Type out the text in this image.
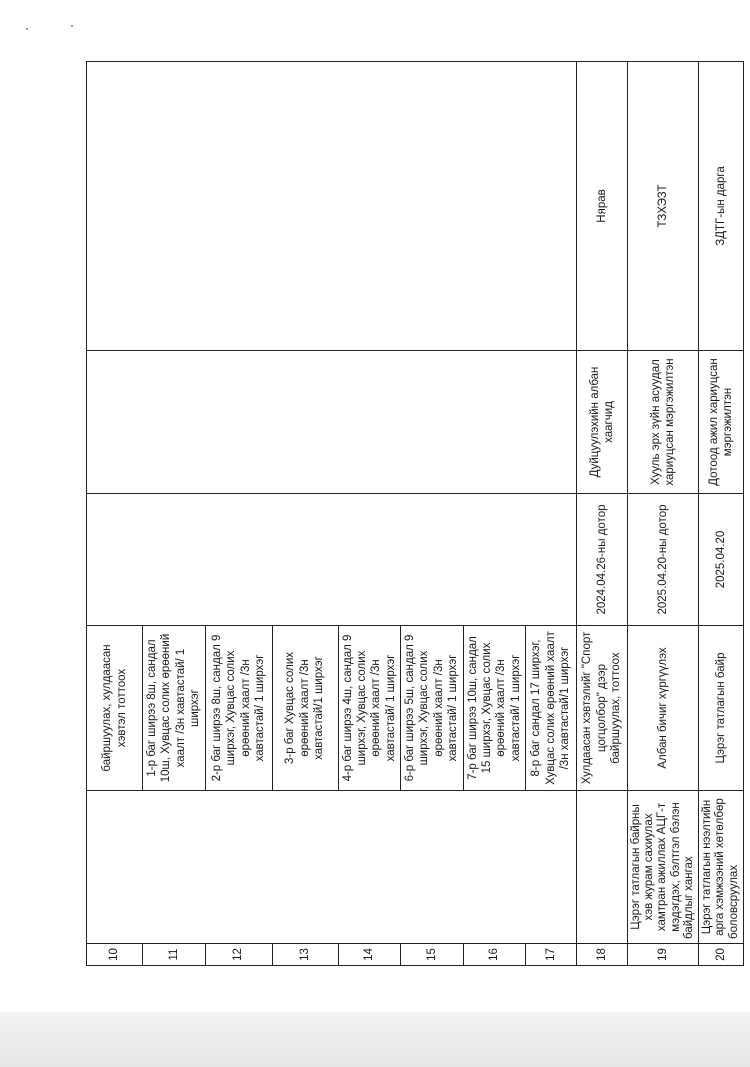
10		байршуулах, хулдаасан хэвтэл тоттоох			
11		1-р баг ширээ 8ш, сандал 10ш, Хувцас солих өрөөний хаалт /3н хавтастай/ 1 ширхэг			
12		2-р баг ширээ 8ш, сандал 9 ширхэг, Хувцас солих өрөөний хаалт /3н хавтастай/ 1 ширхэг			
13		3-р баг Хувцас солих өрөөний хаалт /3н хавтастай/1 ширхэг			
14		4-р баг ширээ 4ш, сандал 9 ширхэг, Хувцас солих өрөөний хаалт /3н хавтастай/ 1 ширхэг			
15		6-р баг ширээ 5ш, сандал 9 ширхэг, Хувцас солих өрөөний хаалт /3н хавтастай/ 1 ширхэг			
16		7-р баг ширээ 10ш, сандал 15 ширхэг, Хувцас солих өрөөний хаалт /3н хавтастай/ 1 ширхэг			
17		8-р баг сандал 17 ширхэг, Хувцас солих өрөөний хаалт /3н хавтастай/1 ширхэг			
18		Хулдаасан хэвтэлийг "Спорт цогцолбор" дээр байршуулах, тоттоох	2024.04.26-ны дотор	Дуйцуулэхийн албан хаагчид	Нярав
19	Цэрэг татлагын байрны хэв журам сахиулах хамтран ажиллах АЦГ-т мэдэгдэх, бэлтгэл бэлэн байдлыг хангах	Албан бичиг хүргүүлэх	2025.04.20-ны дотор	Хууль эрх зүйн асуудал хариуцсан мэргэжилтэн	ТЗХЭЗТ
20	Цэрэг татлагын нээлтийн арга хэмжээний хөтөлбөр боловсруулах	Цэрэг татлагын байр	2025.04.20	Дотоод ажил хариуцсан мэргэжилтэн	ЗДТГ-ын дарга
